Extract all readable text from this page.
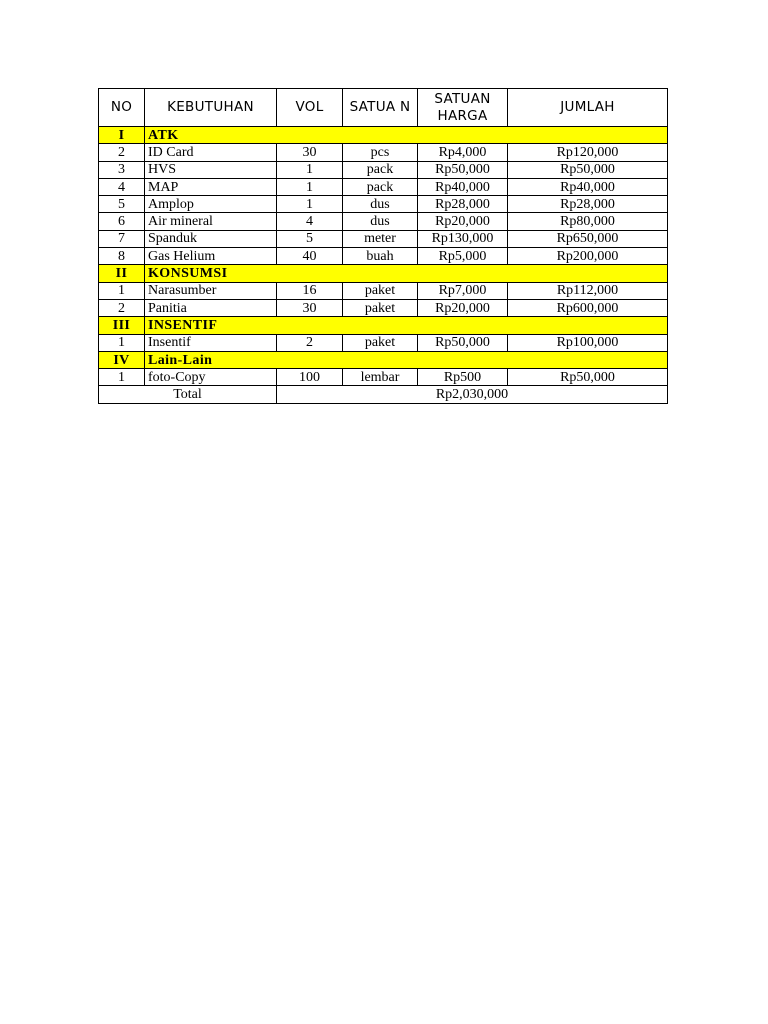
NO	KEBUTUHAN	VOL	SATUA N	SATUAN HARGA	JUMLAH
I	ATK				
2	ID Card	30	pcs	Rp4,000	Rp120,000
3	HVS	1	pack	Rp50,000	Rp50,000
4	MAP	1	pack	Rp40,000	Rp40,000
5	Amplop	1	dus	Rp28,000	Rp28,000
6	Air mineral	4	dus	Rp20,000	Rp80,000
7	Spanduk	5	meter	Rp130,000	Rp650,000
8	Gas Helium	40	buah	Rp5,000	Rp200,000
II	KONSUMSI				
1	Narasumber	16	paket	Rp7,000	Rp112,000
2	Panitia	30	paket	Rp20,000	Rp600,000
III	INSENTIF				
1	Insentif	2	paket	Rp50,000	Rp100,000
IV	Lain-Lain				
1	foto-Copy	100	lembar	Rp500	Rp50,000
Total		Rp2,030,000			
